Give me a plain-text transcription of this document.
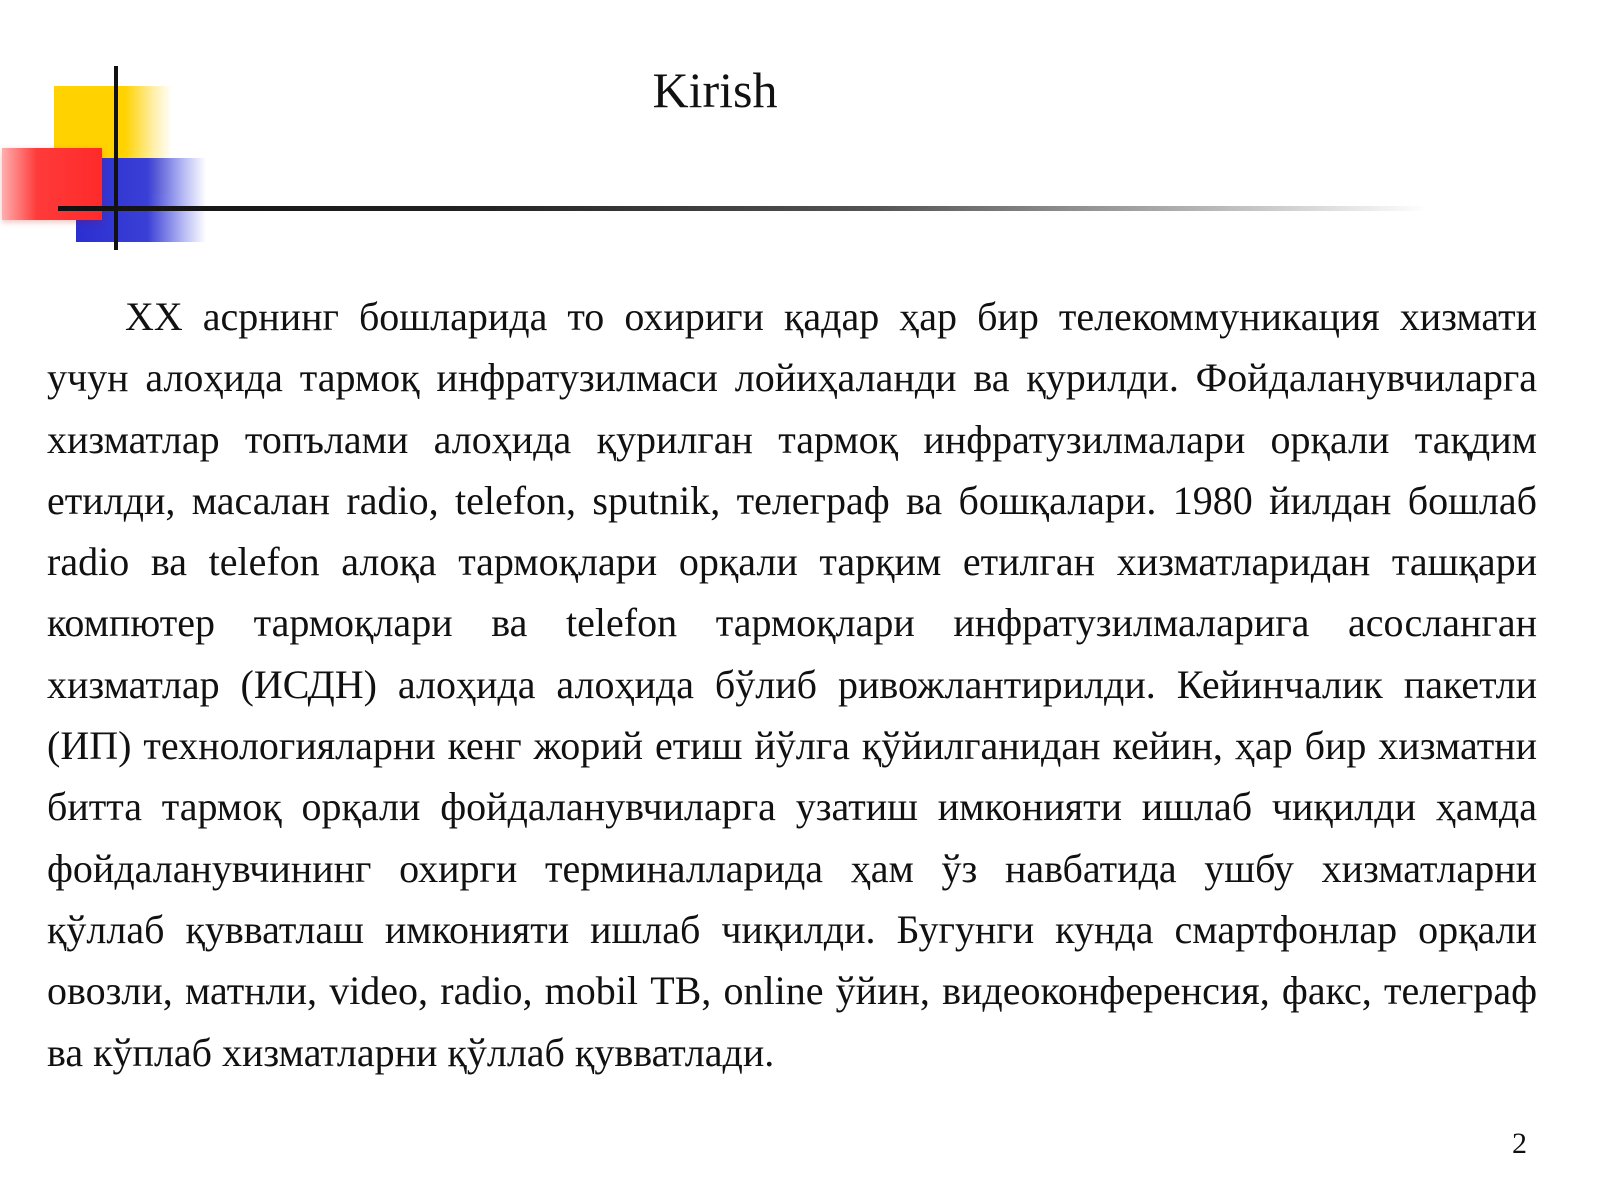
Kirish

XX асрнинг бошларида то охириги қадар ҳар бир телекоммуникация хизмати учун алоҳида тармоқ инфратузилмаси лойиҳаланди ва қурилди. Фойдаланувчиларга хизматлар топълами алоҳида қурилган тармоқ инфратузилмалари орқали тақдим етилди, масалан radio, telefon, sputnik, телеграф ва бошқалари. 1980 йилдан бошлаб radio ва telefon алоқа тармоқлари орқали тарқим етилган хизматларидан ташқари компютер тармоқлари ва telefon тармоқлари инфратузилмаларига асосланган хизматлар (ИСДН) алоҳида алоҳида бўлиб ривожлантирилди. Кейинчалик пакетли (ИП) технологияларни кенг жорий етиш йўлга қўйилганидан кейин, ҳар бир хизматни битта тармоқ орқали фойдаланувчиларга узатиш имконияти ишлаб чиқилди ҳамда фойдаланувчининг охирги терминалларида ҳам ўз навбатида ушбу хизматларни қўллаб қувватлаш имконияти ишлаб чиқилди. Бугунги кунда смартфонлар орқали овозли, матнли, video, radio, mobil ТВ, online ўйин, видеоконференсия, факс, телеграф ва кўплаб хизматларни қўллаб қувватлади.

2
